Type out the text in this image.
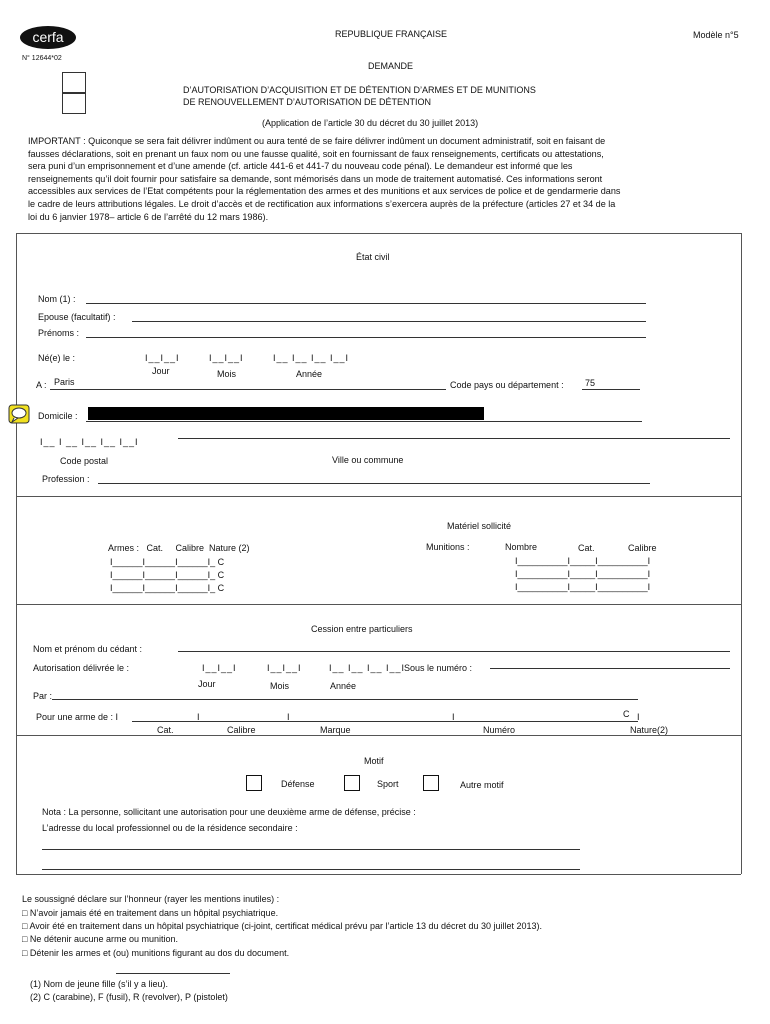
cerfa
N° 12644*02
REPUBLIQUE FRANÇAISE	Modèle n°5
DEMANDE
D’AUTORISATION D’ACQUISITION ET DE DÉTENTION D’ARMES ET DE MUNITIONS
DE RENOUVELLEMENT D’AUTORISATION DE DÉTENTION
(Application de l’article 30 du décret du 30 juillet 2013)
IMPORTANT : Quiconque se sera fait délivrer indûment ou aura tenté de se faire délivrer indûment un document administratif, soit en faisant de
fausses déclarations, soit en prenant un faux nom ou une fausse qualité, soit en fournissant de faux renseignements, certificats ou attestations,
sera puni d’un emprisonnement et d’une amende (cf. article 441-6 et 441-7 du nouveau code pénal). Le demandeur est informé que les
renseignements qu’il doit fournir pour satisfaire sa demande, sont mémorisés dans un mode de traitement automatisé. Ces informations seront
accessibles aux services de l’Etat compétents pour la réglementation des armes et des munitions et aux services de police et de gendarmerie dans
le cadre de leurs attributions légales. Le droit d’accès et de rectification aux informations s’exercera auprès de la préfecture (articles 27 et 34 de la
loi du 6 janvier 1978– article 6 de l’arrêté du 12 mars 1986).
État civil
Nom (1) :
Epouse (facultatif) :
Prénoms :
Né(e) le :	I__I__I	I__I__I	I__ I__ I__ I__I
Jour	Mois	Année
A : Paris	Code pays ou département : 75
Domicile :
I__ I __ I__ I__ I__I
Code postal	Ville ou commune
Profession :
Matériel sollicité
Armes :   Cat.     Calibre  Nature (2)
I______I______I______I_ C
I______I______I______I_ C
I______I______I______I_ C
Munitions :	Nombre	Cat.	Calibre
I__________I_____I__________I
I__________I_____I__________I
I__________I_____I__________I
Cession entre particuliers
Nom et prénom du cédant :
Autorisation délivrée le :	I__I__I	I__I__I	I__ I__ I__ I__I
Sous le numéro :
Jour	Mois	Année
Par :
Pour une arme de : I	I	I	I	C I
Cat.	Calibre	Marque	Numéro	Nature(2)
Motif
Défense	Sport	Autre motif
Nota : La personne, sollicitant une autorisation pour une deuxième arme de défense, précise :
L’adresse du local professionnel ou de la résidence secondaire :
Le soussigné déclare sur l’honneur (rayer les mentions inutiles) :
□ N’avoir jamais été en traitement dans un hôpital psychiatrique.
□ Avoir été en traitement dans un hôpital psychiatrique (ci-joint, certificat médical prévu par l’article 13 du décret du 30 juillet 2013).
□ Ne détenir aucune arme ou munition.
□ Détenir les armes et (ou) munitions figurant au dos du document.
(1) Nom de jeune fille (s’il y a lieu).
(2) C (carabine), F (fusil), R (revolver), P (pistolet)
